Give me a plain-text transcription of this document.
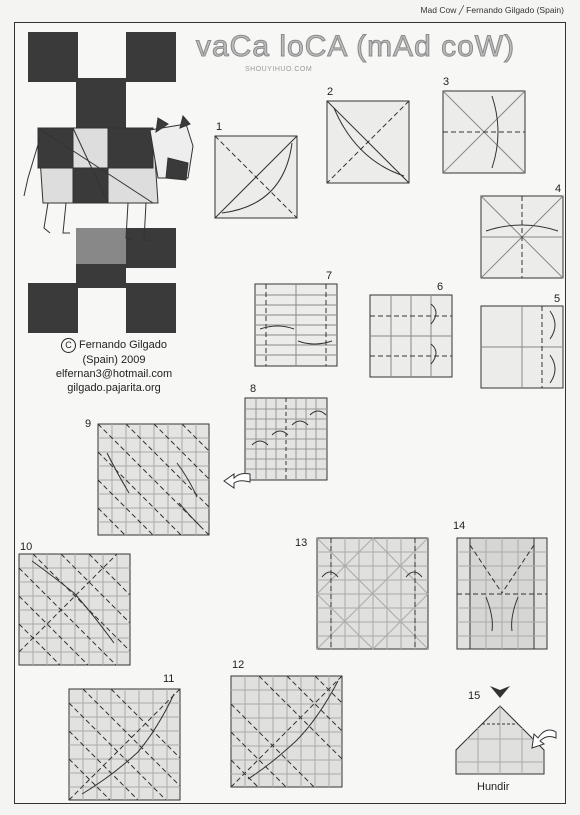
Mad Cow ╱ Fernando Gilgado (Spain)
vaCa loCA (mAd coW)
SHOUYIHUO.COM
1
2
3
4
5
6
7
8
9
C Fernando Gilgado
(Spain) 2009
elfernan3@hotmail.com
gilgado.pajarita.org
10
11
12
13
14
15
Hundir
